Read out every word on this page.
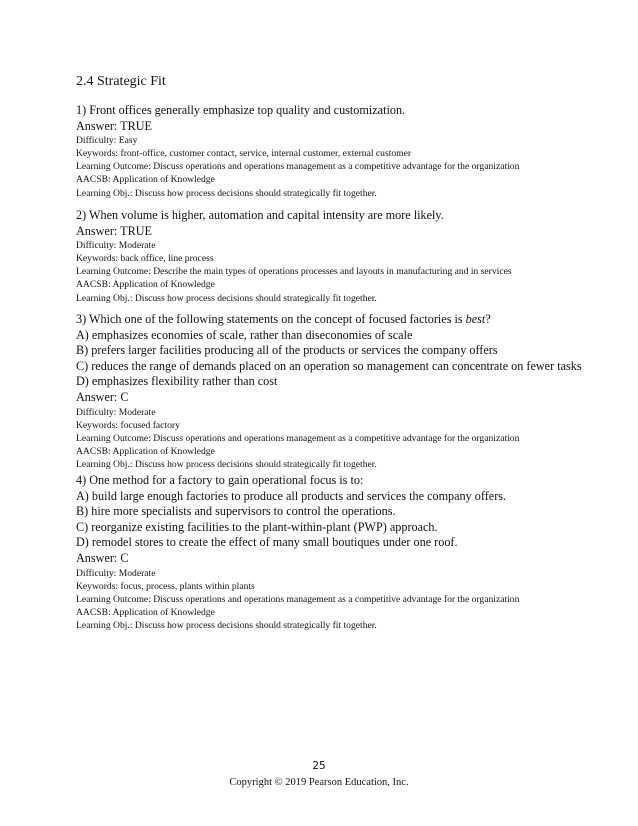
2.4 Strategic Fit
1) Front offices generally emphasize top quality and customization.
Answer: TRUE
Difficulty: Easy
Keywords: front-office, customer contact, service, internal customer, external customer
Learning Outcome: Discuss operations and operations management as a competitive advantage for the organization
AACSB: Application of Knowledge
Learning Obj.: Discuss how process decisions should strategically fit together.
2) When volume is higher, automation and capital intensity are more likely.
Answer: TRUE
Difficulty: Moderate
Keywords: back office, line process
Learning Outcome: Describe the main types of operations processes and layouts in manufacturing and in services
AACSB: Application of Knowledge
Learning Obj.: Discuss how process decisions should strategically fit together.
3) Which one of the following statements on the concept of focused factories is best?
A) emphasizes economies of scale, rather than diseconomies of scale
B) prefers larger facilities producing all of the products or services the company offers
C) reduces the range of demands placed on an operation so management can concentrate on fewer tasks
D) emphasizes flexibility rather than cost
Answer: C
Difficulty: Moderate
Keywords: focused factory
Learning Outcome: Discuss operations and operations management as a competitive advantage for the organization
AACSB: Application of Knowledge
Learning Obj.: Discuss how process decisions should strategically fit together.
4) One method for a factory to gain operational focus is to:
A) build large enough factories to produce all products and services the company offers.
B) hire more specialists and supervisors to control the operations.
C) reorganize existing facilities to the plant-within-plant (PWP) approach.
D) remodel stores to create the effect of many small boutiques under one roof.
Answer: C
Difficulty: Moderate
Keywords: focus, process, plants within plants
Learning Outcome: Discuss operations and operations management as a competitive advantage for the organization
AACSB: Application of Knowledge
Learning Obj.: Discuss how process decisions should strategically fit together.
25
Copyright © 2019 Pearson Education, Inc.
